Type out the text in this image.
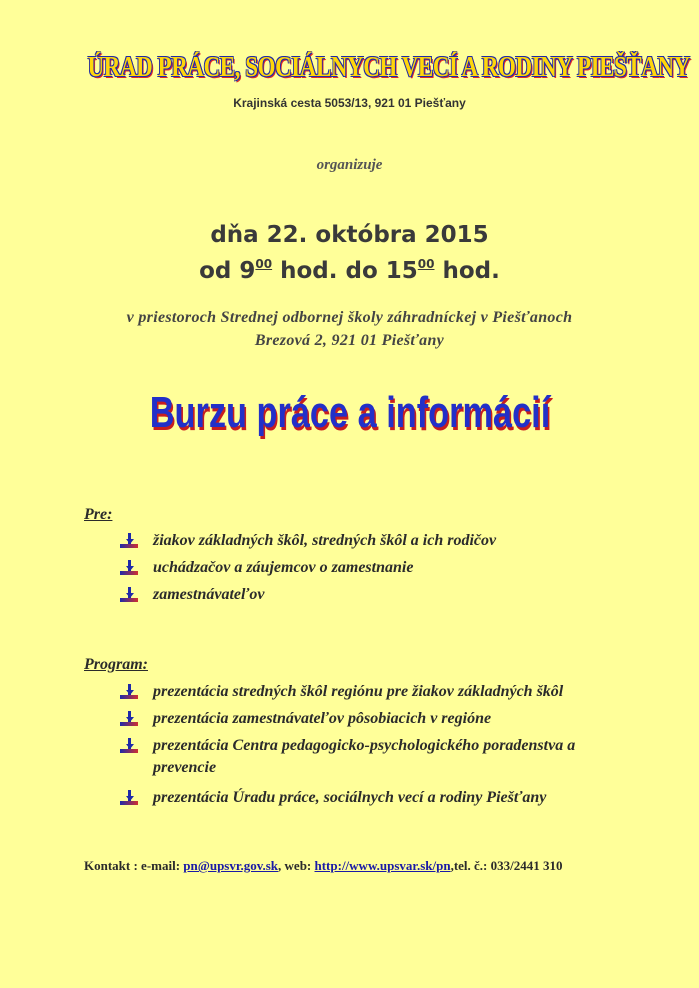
ÚRAD PRÁCE, SOCIÁLNYCH VECÍ A RODINY PIEŠŤANY
Krajinská cesta 5053/13, 921 01 Piešťany
organizuje
dňa 22. októbra 2015
od $9^{00}$ hod. do $15^{00}$ hod.
v priestoroch Strednej odbornej školy záhradníckej v Piešťanoch
Brezová 2, 921 01 Piešťany
Burzu práce a informácií
Pre:
žiakov základných škôl, stredných škôl a ich rodičov
uchádzačov a záujemcov o zamestnanie
zamestnávateľov
Program:
prezentácia stredných škôl regiónu pre žiakov základných škôl
prezentácia zamestnávateľov pôsobiacich v regióne
prezentácia Centra pedagogicko-psychologického poradenstva a prevencie
prezentácia Úradu práce, sociálnych vecí a rodiny Piešťany
Kontakt : e-mail: pn@upsvr.gov.sk, web: http://www.upsvar.sk/pn,tel. č.: 033/2441 310
